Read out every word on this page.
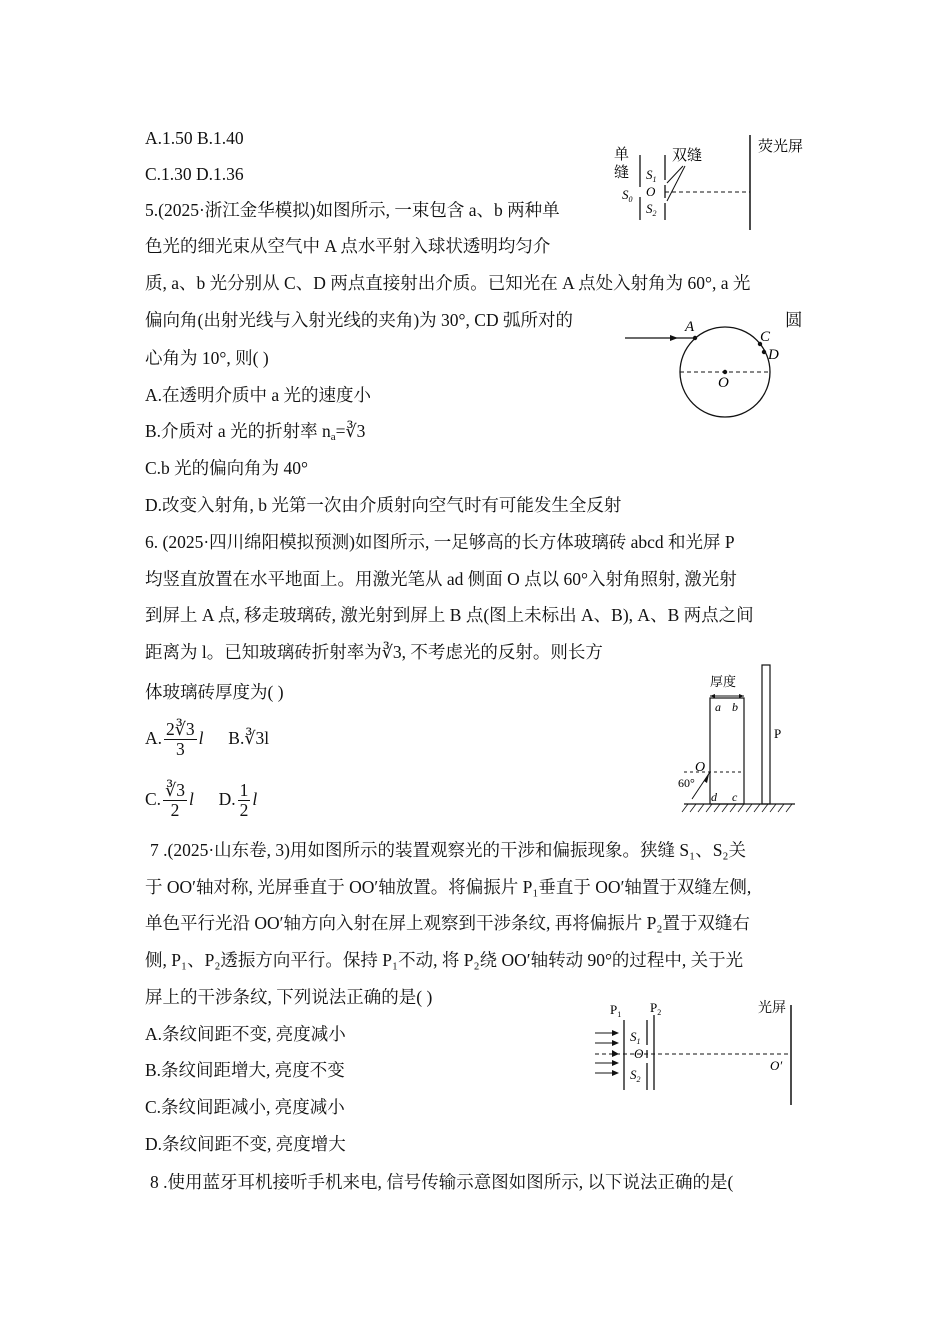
A.1.50 B.1.40
C.1.30 D.1.36
单
缝
双缝
荧光屏
$S_0$
$S_1$
O
$S_2$
5.(2025·浙江金华模拟)如图所示, 一束包含 a、b 两种单
色光的细光束从空气中 A 点水平射入球状透明均匀介
质, a、b 光分别从 C、D 两点直接射出介质。已知光在 A 点处入射角为 60°, a 光
偏向角(出射光线与入射光线的夹角)为 30°, CD 弧所对的	圆
心角为 10°, 则( )
A.在透明介质中 a 光的速度小
B.介质对 a 光的折射率 $n_a=∛3$
C.b 光的偏向角为 40°
D.改变入射角, b 光第一次由介质射向空气时有可能发生全反射
A
C
D
O
6. (2025·四川绵阳模拟预测)如图所示, 一足够高的长方体玻璃砖 abcd 和光屏 P
均竖直放置在水平地面上。用激光笔从 ad 侧面 O 点以 60°入射角照射, 激光射
到屏上 A 点, 移走玻璃砖, 激光射到屏上 B 点(图上未标出 A、B), A、B 两点之间
距离为 l。已知玻璃砖折射率为∛3, 不考虑光的反射。则长方
体玻璃砖厚度为( )
A. $\frac{2∛3}{3}$ l B.∛3l
C. $\frac{∛3}{2}$ l D. $\frac{1}{2}$ l
厚度
O
60°
a b
d c
P
7 .(2025·山东卷, 3)用如图所示的装置观察光的干涉和偏振现象。狭缝 S₁、S₂关
于 OO′轴对称, 光屏垂直于 OO′轴放置。将偏振片 P₁垂直于 OO′轴置于双缝左侧,
单色平行光沿 OO′轴方向入射在屏上观察到干涉条纹, 再将偏振片 P₂置于双缝右
侧, P₁、P₂透振方向平行。保持 P₁不动, 将 P₂绕 OO′轴转动 90°的过程中, 关于光
屏上的干涉条纹, 下列说法正确的是( )
A.条纹间距不变, 亮度减小
B.条纹间距增大, 亮度不变
C.条纹间距减小, 亮度减小
D.条纹间距不变, 亮度增大
光屏
$P_1$ $P_2$
$S_1$
O
$S_2$
O′
8 .使用蓝牙耳机接听手机来电, 信号传输示意图如图所示, 以下说法正确的是(
